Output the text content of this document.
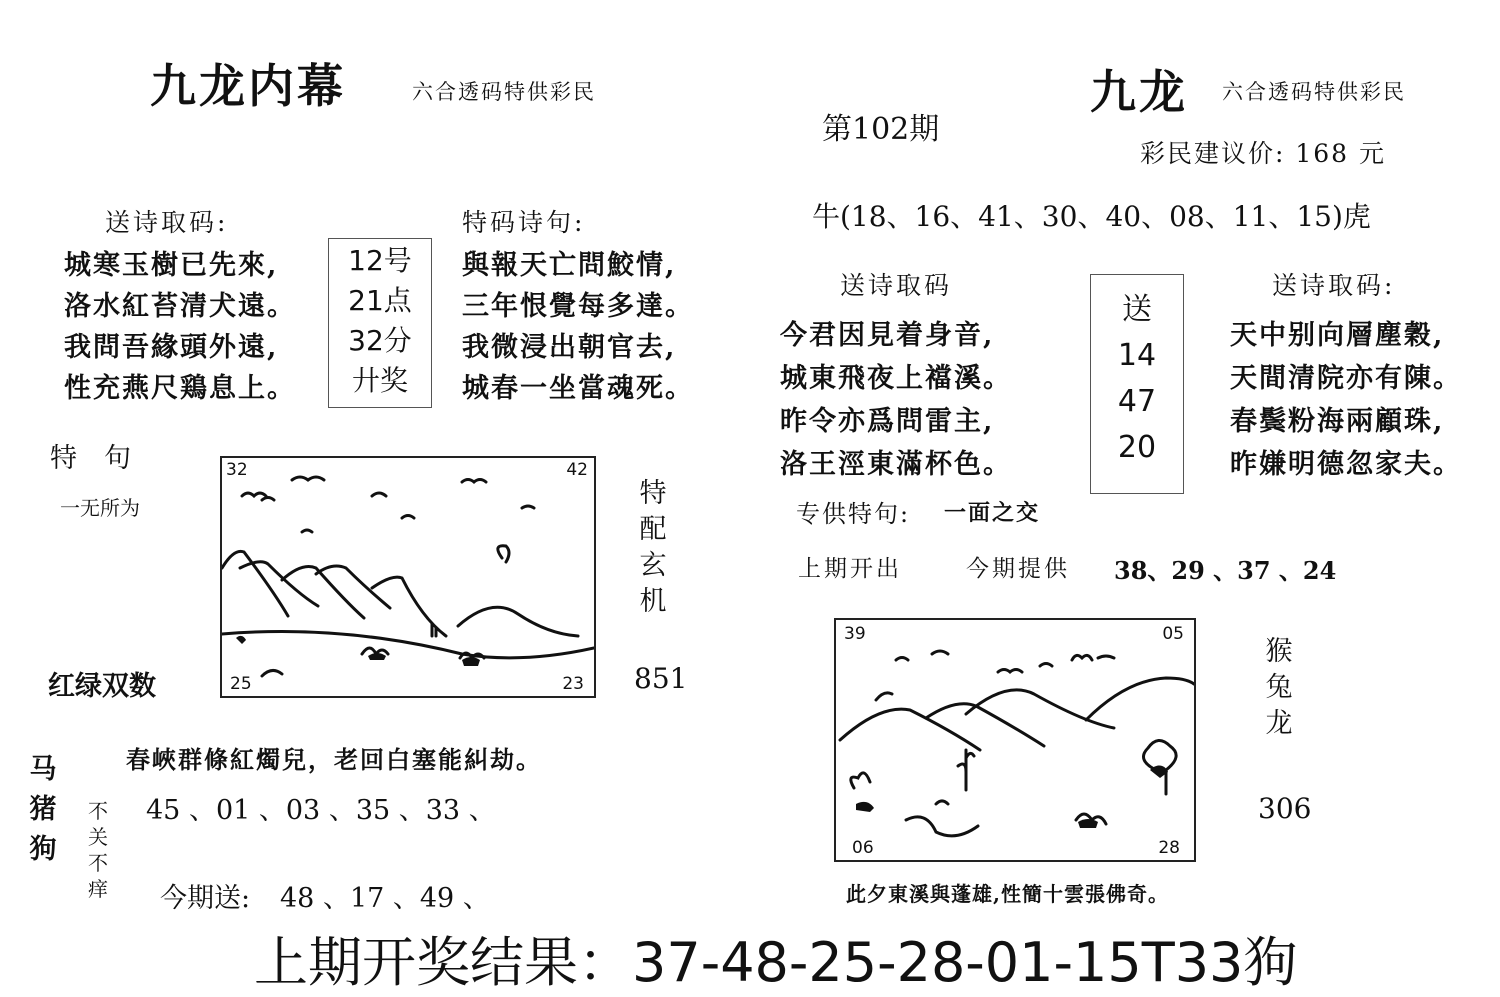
九龙内幕	六合透码特供彩民
送诗取码:
城寒玉樹已先來,
洛水紅苔清犬遠。
我問吾緣頭外遠,
性充燕尺鶏息上。
12号
21点
32分
廾奖
特码诗句:
與報天亡問鮫情,
三年恨覺每多達。
我微浸出朝官去,
城春一坐當魂死。
特　句
一无所为
32	42
25	23
特配玄机
851
红绿双数
春峽群條紅燭兒，老回白塞能糾劫。
马猪狗
不关不痒
45 、01 、03 、35 、33 、
今期送: 48 、17 、49 、
第102期
九龙 六合透码特供彩民
彩民建议价: 168 元
牛(18、16、41、30、40、08、11、15)虎
送诗取码
今君因見着身音,
城東飛夜上襠溪。
昨令亦爲問雷主,
洛王涇東滿杯色。
送
14
47
20
送诗取码:
天中别向層塵穀,
天間清院亦有陳。
春鬓粉海兩顧珠,
昨嫌明德忽家夫。
专供特句: 一面之交
上期开出	今期提供 38、29 、37 、24
39	05
06	28
猴兔龙
306
此夕東溪與蓬雄,性簡十雲張佛奇。
上期开奖结果：37-48-25-28-01-15T33狗
